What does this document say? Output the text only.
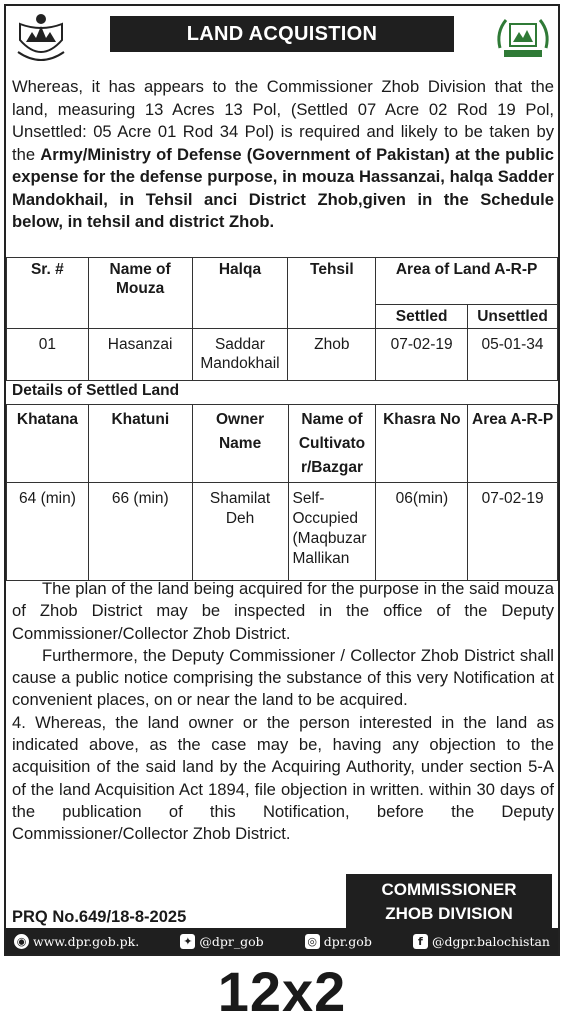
LAND ACQUISTION
Whereas, it has appears to the Commissioner Zhob Division that the land, measuring 13 Acres 13 Pol, (Settled 07 Acre 02 Rod 19 Pol, Unsettled: 05 Acre 01 Rod 34 Pol) is required and likely to be taken by the Army/Ministry of Defense (Government of Pakistan) at the public expense for the defense purpose, in mouza Hassanzai, halqa Sadder Mandokhail, in Tehsil anci District Zhob,given in the Schedule below, in tehsil and district Zhob.
Sr. #	Name of Mouza	Halqa	Tehsil	Area of Land A-R-P	
				Settled	Unsettled
01	Hasanzai	Saddar Mandokhail	Zhob	07-02-19	05-01-34
Details of Settled Land
Khatana	Khatuni	Owner Name	Name of Cultivato r/Bazgar	Khasra No	Area A-R-P
64 (min)	66 (min)	Shamilat Deh	Self- Occupied (Maqbuzar Mallikan	06(min)	07-02-19

The plan of the land being acquired for the purpose in the said mouza of Zhob District may be inspected in the office of the Deputy Commissioner/Collector Zhob District.

Furthermore, the Deputy Commissioner / Collector Zhob District shall cause a public notice comprising the substance of this very Notification at convenient places, on or near the land to be acquired.

4. Whereas, the land owner or the person interested in the land as indicated above, as the case may be, having any objection to the acquisition of the said land by the Acquiring Authority, under section 5-A of the land Acquisition Act 1894, file objection in written. within 30 days of the publication of this Notification, before the Deputy Commissioner/Collector Zhob District.

COMMISSIONER
ZHOB DIVISION
PRQ No.649/18-8-2025
◉ www.dpr.gob.pk.	✦ @dpr_gob	◎ dpr.gob	f @dgpr.balochistan
12x2
